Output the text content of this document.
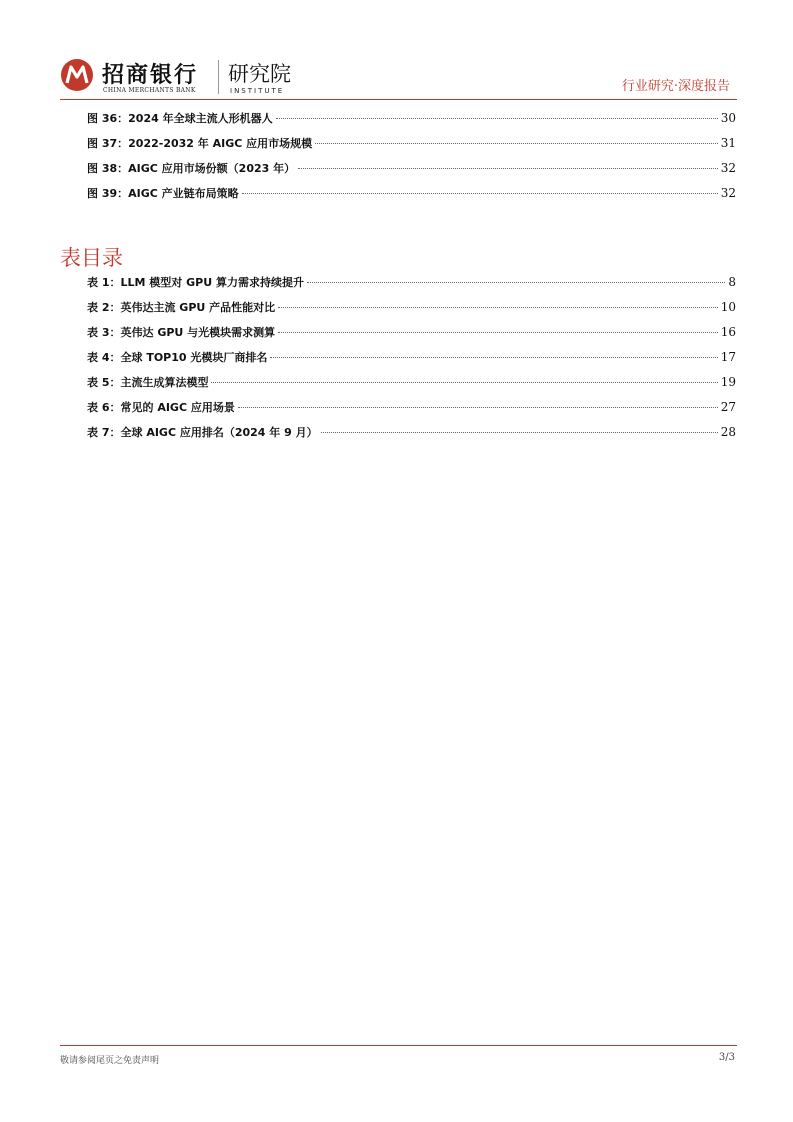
招商银行
CHINA MERCHANTS BANK
研究院
INSTITUTE	行业研究·深度报告
图 36：2024 年全球主流人形机器人	30
图 37：2022-2032 年 AIGC 应用市场规模	31
图 38：AIGC 应用市场份额（2023 年）	32
图 39：AIGC 产业链布局策略	32
表目录
表 1：LLM 模型对 GPU 算力需求持续提升	8
表 2：英伟达主流 GPU 产品性能对比	10
表 3：英伟达 GPU 与光模块需求测算	16
表 4：全球 TOP10 光模块厂商排名	17
表 5：主流生成算法模型	19
表 6：常见的 AIGC 应用场景	27
表 7：全球 AIGC 应用排名（2024 年 9 月）	28
敬请参阅尾页之免责声明	3/3
